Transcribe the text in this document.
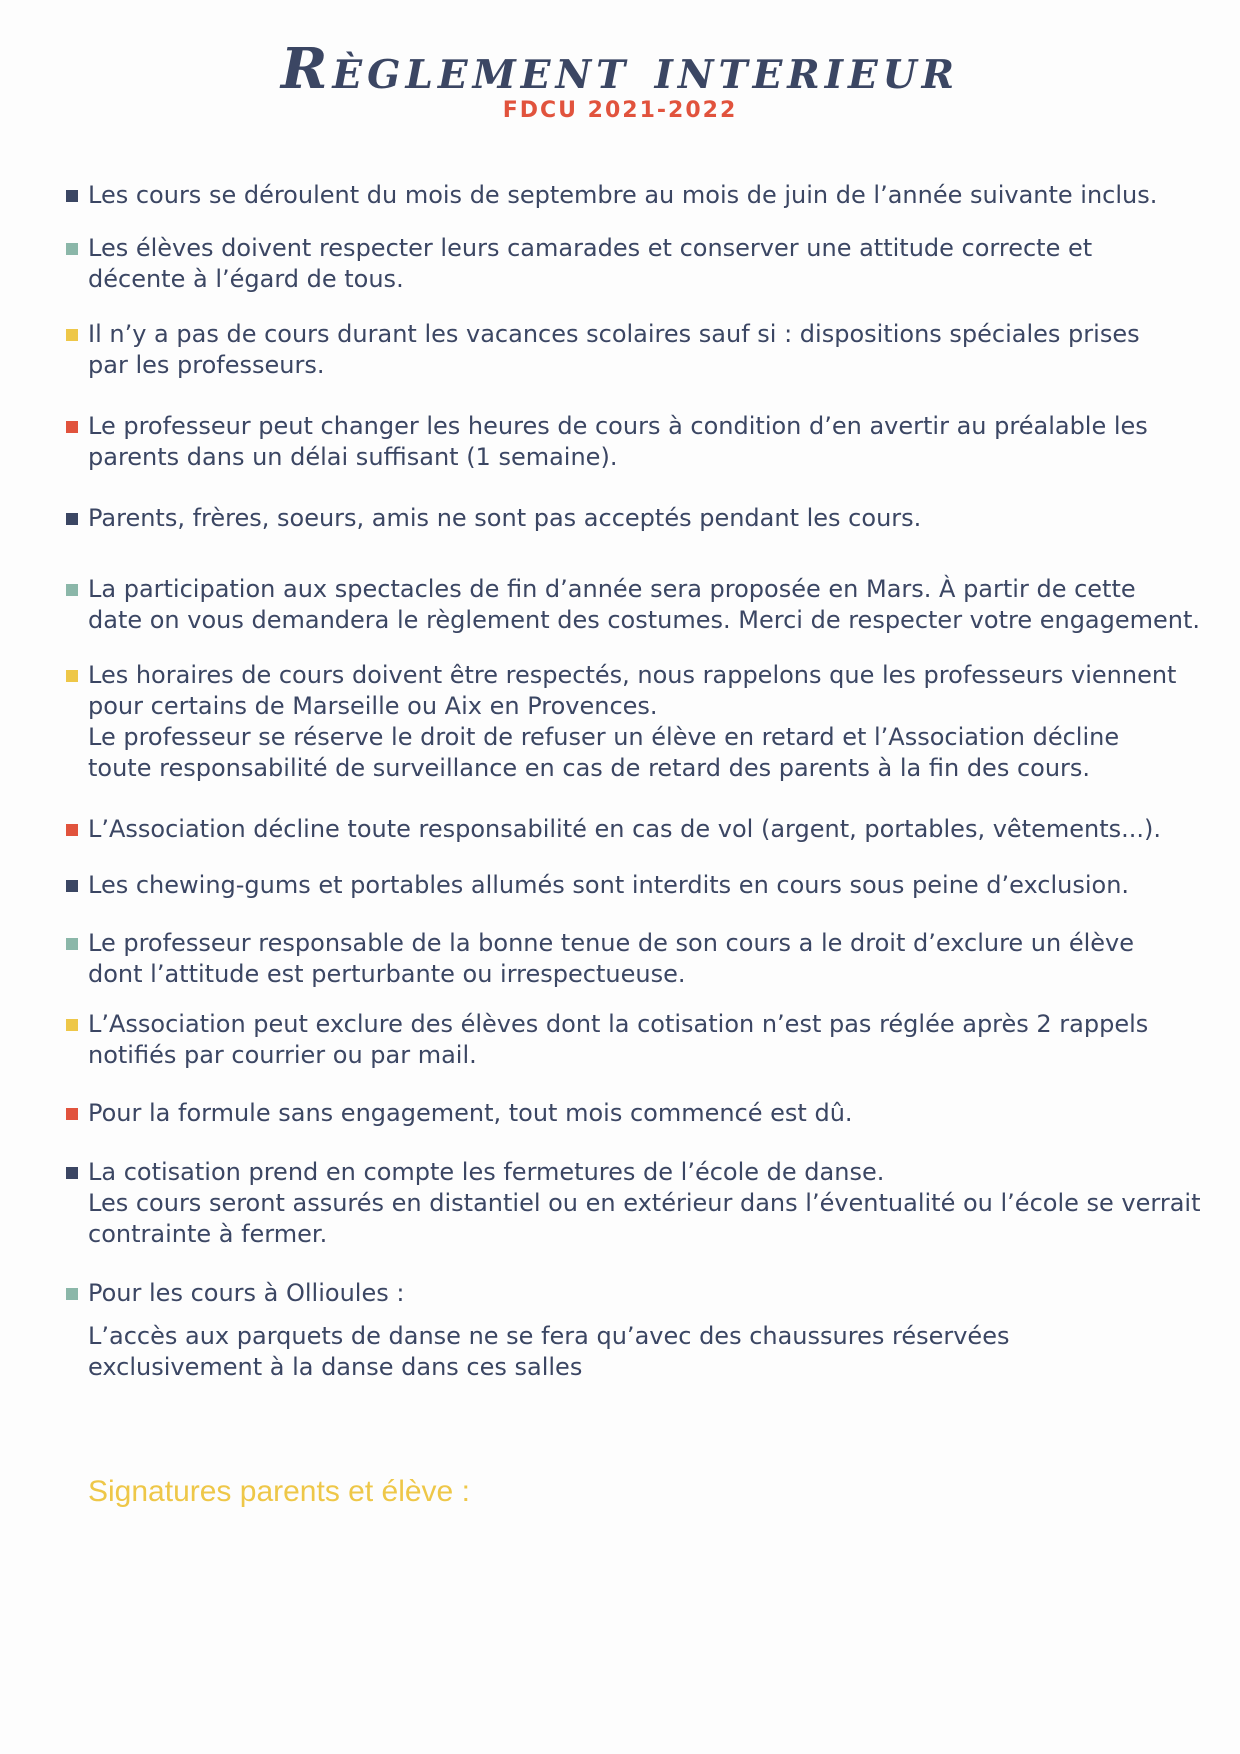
Règlement interieur
FDCU 2021-2022
Les cours se déroulent du mois de septembre au mois de juin de l’année suivante inclus.
Les élèves doivent respecter leurs camarades et conserver une attitude correcte et
décente à l’égard de tous.
Il n’y a pas de cours durant les vacances scolaires sauf si : dispositions spéciales prises
par les professeurs.
Le professeur peut changer les heures de cours à condition d’en avertir au préalable les
parents dans un délai suffisant (1 semaine).
Parents, frères, soeurs, amis ne sont pas acceptés pendant les cours.
La participation aux spectacles de fin d’année sera proposée en Mars. À partir de cette
date on vous demandera le règlement des costumes. Merci de respecter votre engagement.
Les horaires de cours doivent être respectés, nous rappelons que les professeurs viennent
pour certains de Marseille ou Aix en Provences.
Le professeur se réserve le droit de refuser un élève en retard et l’Association décline
toute responsabilité de surveillance en cas de retard des parents à la fin des cours.
L’Association décline toute responsabilité en cas de vol (argent, portables, vêtements...).
Les chewing-gums et portables allumés sont interdits en cours sous peine d’exclusion.
Le professeur responsable de la bonne tenue de son cours a le droit d’exclure un élève
dont l’attitude est perturbante ou irrespectueuse.
L’Association peut exclure des élèves dont la cotisation n’est pas réglée après 2 rappels
notifiés par courrier ou par mail.
Pour la formule sans engagement, tout mois commencé est dû.
La cotisation prend en compte les fermetures de l’école de danse.
Les cours seront assurés en distantiel ou en extérieur dans l’éventualité ou l’école se verrait
contrainte à fermer.
Pour les cours à Ollioules :
L’accès aux parquets de danse ne se fera qu’avec des chaussures réservées
exclusivement à la danse dans ces salles
Signatures parents et élève :
